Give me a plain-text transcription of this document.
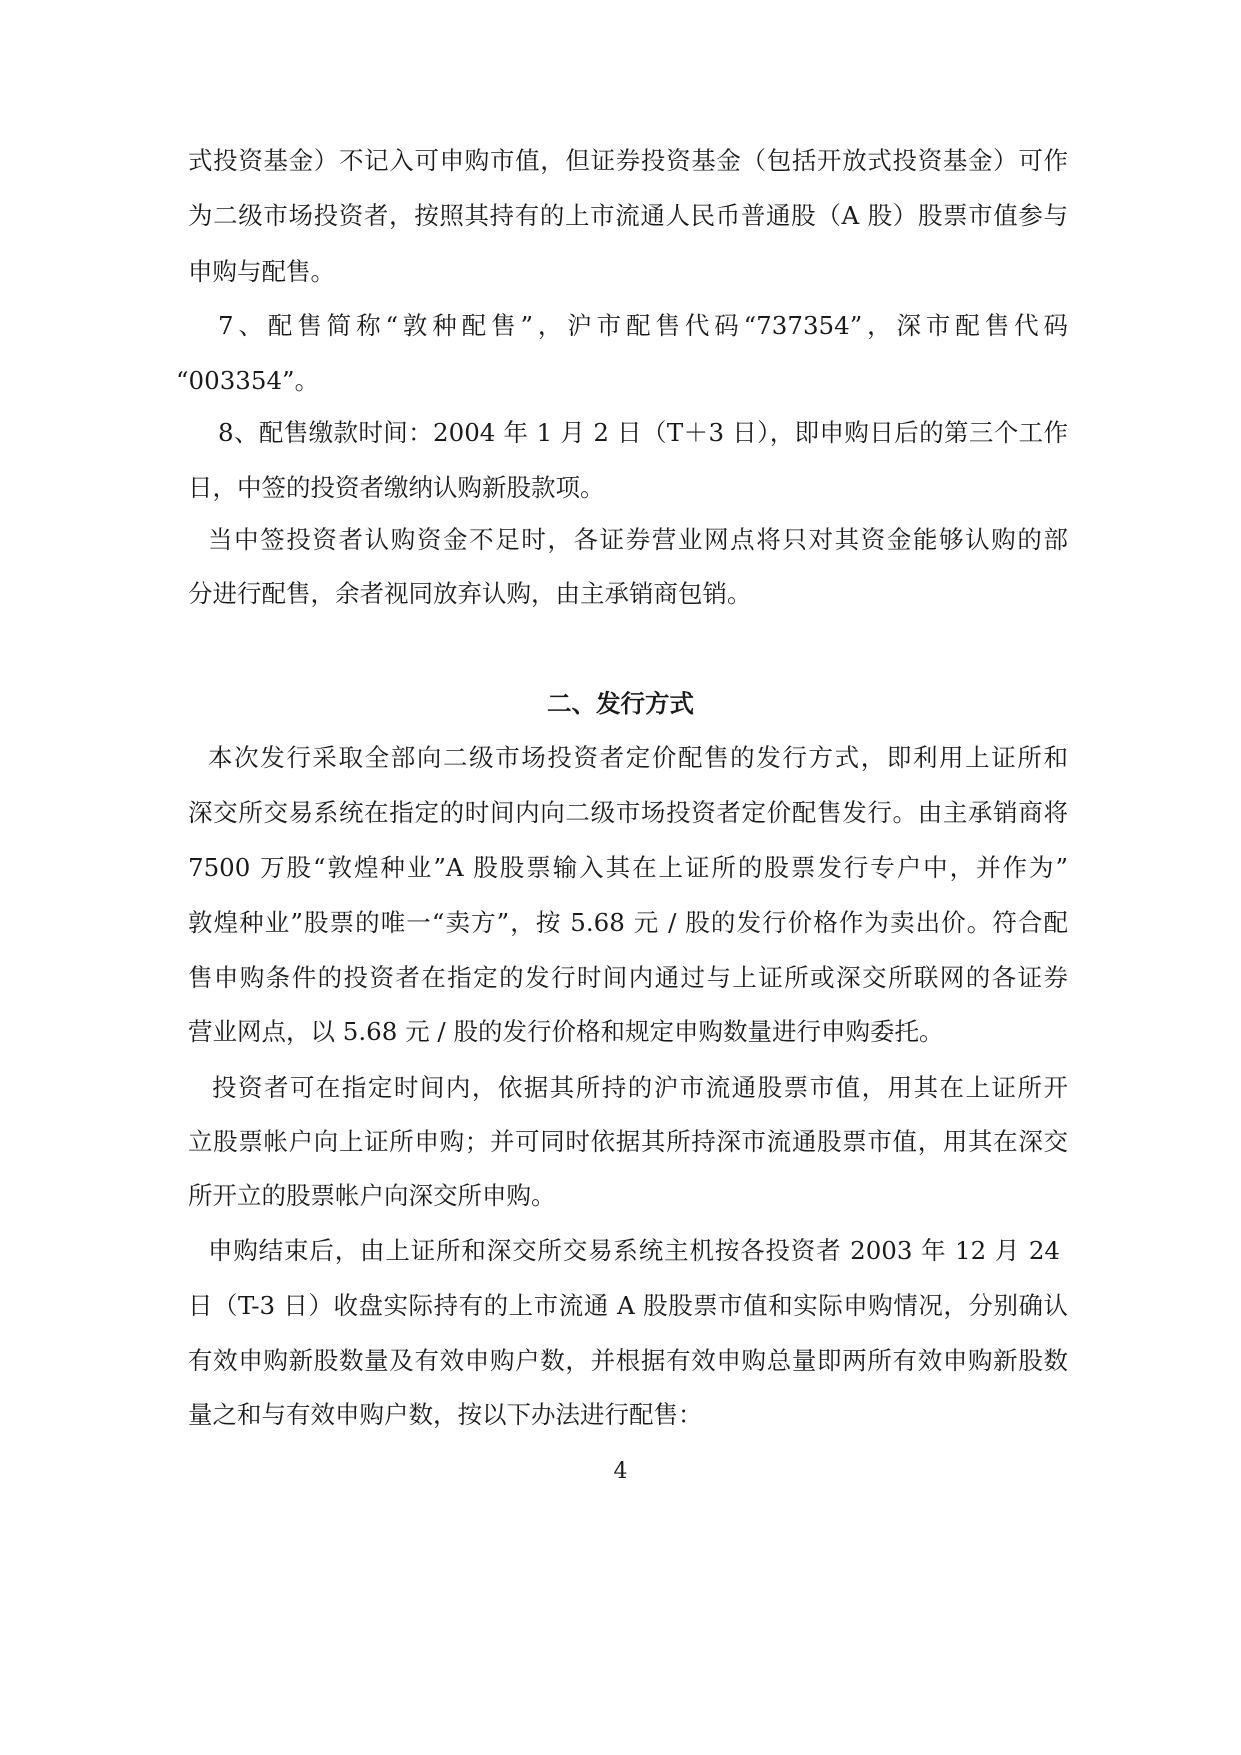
式投资基金）不记入可申购市值，但证券投资基金（包括开放式投资基金）可作
为二级市场投资者，按照其持有的上市流通人民币普通股（A 股）股票市值参与
申购与配售。
7、配售简称“敦种配售”，沪市配售代码“737354”，深市配售代码
“003354”。
8、配售缴款时间：2004 年 1 月 2 日（T＋3 日），即申购日后的第三个工作
日，中签的投资者缴纳认购新股款项。
当中签投资者认购资金不足时，各证券营业网点将只对其资金能够认购的部
分进行配售，余者视同放弃认购，由主承销商包销。
二、发行方式
本次发行采取全部向二级市场投资者定价配售的发行方式，即利用上证所和
深交所交易系统在指定的时间内向二级市场投资者定价配售发行。由主承销商将
7500 万股“敦煌种业”A 股股票输入其在上证所的股票发行专户中，并作为”
敦煌种业”股票的唯一“卖方”，按 5.68 元 / 股的发行价格作为卖出价。符合配
售申购条件的投资者在指定的发行时间内通过与上证所或深交所联网的各证券
营业网点，以 5.68 元 / 股的发行价格和规定申购数量进行申购委托。
投资者可在指定时间内，依据其所持的沪市流通股票市值，用其在上证所开
立股票帐户向上证所申购；并可同时依据其所持深市流通股票市值，用其在深交
所开立的股票帐户向深交所申购。
申购结束后，由上证所和深交所交易系统主机按各投资者 2003 年 12 月 24
日（T-3 日）收盘实际持有的上市流通 A 股股票市值和实际申购情况，分别确认
有效申购新股数量及有效申购户数，并根据有效申购总量即两所有效申购新股数
量之和与有效申购户数，按以下办法进行配售：
4
